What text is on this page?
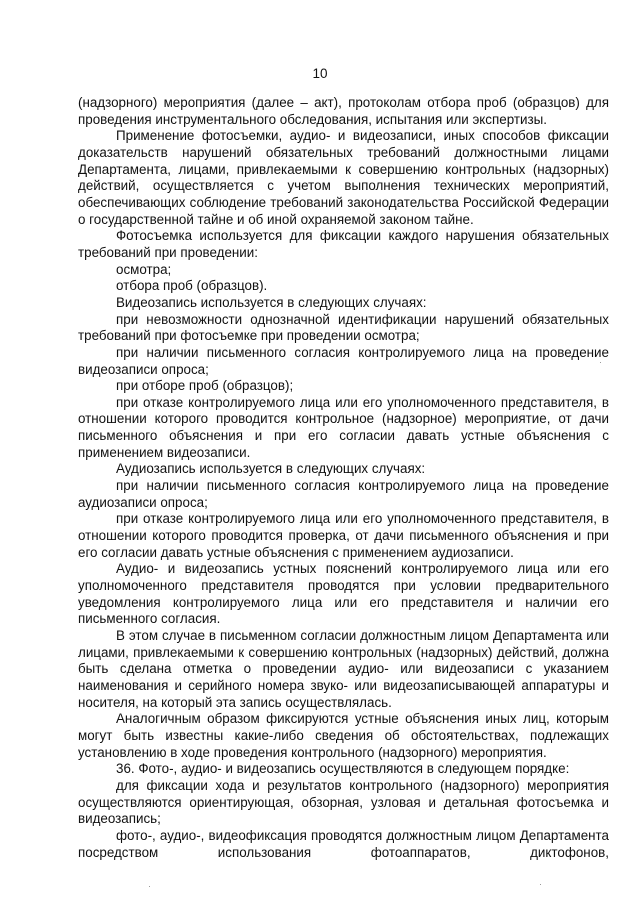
10

(надзорного) мероприятия (далее – акт), протоколам отбора проб (образцов) для проведения инструментального обследования, испытания или экспертизы.

Применение фотосъемки, аудио- и видеозаписи, иных способов фиксации доказательств нарушений обязательных требований должностными лицами Департамента, лицами, привлекаемыми к совершению контрольных (надзорных) действий, осуществляется с учетом выполнения технических мероприятий, обеспечивающих соблюдение требований законодательства Российской Федерации о государственной тайне и об иной охраняемой законом тайне.

Фотосъемка используется для фиксации каждого нарушения обязательных требований при проведении:

осмотра;

отбора проб (образцов).

Видеозапись используется в следующих случаях:

при невозможности однозначной идентификации нарушений обязательных требований при фотосъемке при проведении осмотра;

при наличии письменного согласия контролируемого лица на проведение видеозаписи опроса;

при отборе проб (образцов);

при отказе контролируемого лица или его уполномоченного представителя, в отношении которого проводится контрольное (надзорное) мероприятие, от дачи письменного объяснения и при его согласии давать устные объяснения с применением видеозаписи.

Аудиозапись используется в следующих случаях:

при наличии письменного согласия контролируемого лица на проведение аудиозаписи опроса;

при отказе контролируемого лица или его уполномоченного представителя, в отношении которого проводится проверка, от дачи письменного объяснения и при его согласии давать устные объяснения с применением аудиозаписи.

Аудио- и видеозапись устных пояснений контролируемого лица или его уполномоченного представителя проводятся при условии предварительного уведомления контролируемого лица или его представителя и наличии его письменного согласия.

В этом случае в письменном согласии должностным лицом Департамента или лицами, привлекаемыми к совершению контрольных (надзорных) действий, должна быть сделана отметка о проведении аудио- или видеозаписи с указанием наименования и серийного номера звуко- или видеозаписывающей аппаратуры и носителя, на который эта запись осуществлялась.

Аналогичным образом фиксируются устные объяснения иных лиц, которым могут быть известны какие-либо сведения об обстоятельствах, подлежащих установлению в ходе проведения контрольного (надзорного) мероприятия.

36. Фото-, аудио- и видеозапись осуществляются в следующем порядке:

для фиксации хода и результатов контрольного (надзорного) мероприятия осуществляются ориентирующая, обзорная, узловая и детальная фотосъемка и видеозапись;

фото-, аудио-, видеофиксация проводятся должностным лицом Департамента посредством использования фотоаппаратов, диктофонов,
